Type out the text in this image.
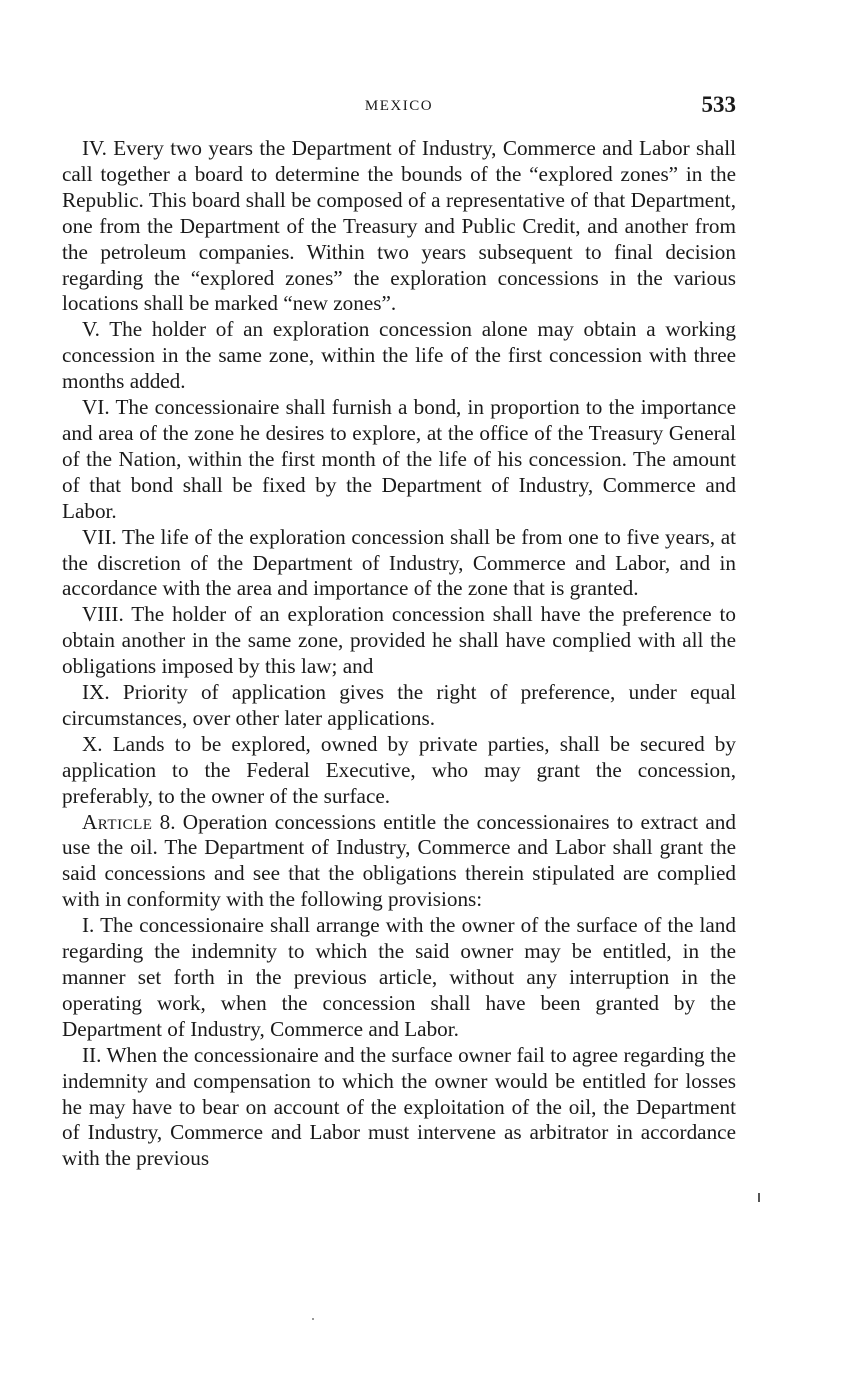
MEXICO	533

IV. Every two years the Department of Industry, Commerce and Labor shall call together a board to determine the bounds of the “explored zones” in the Republic. This board shall be composed of a representative of that Department, one from the Department of the Treasury and Public Credit, and another from the petroleum companies. Within two years subsequent to final decision regarding the “explored zones” the exploration concessions in the various locations shall be marked “new zones”.

V. The holder of an exploration concession alone may obtain a working concession in the same zone, within the life of the first concession with three months added.

VI. The concessionaire shall furnish a bond, in proportion to the importance and area of the zone he desires to explore, at the office of the Treasury General of the Nation, within the first month of the life of his concession. The amount of that bond shall be fixed by the Department of Industry, Commerce and Labor.

VII. The life of the exploration concession shall be from one to five years, at the discretion of the Department of Industry, Commerce and Labor, and in accordance with the area and importance of the zone that is granted.

VIII. The holder of an exploration concession shall have the preference to obtain another in the same zone, provided he shall have complied with all the obligations imposed by this law; and

IX. Priority of application gives the right of preference, under equal circumstances, over other later applications.

X. Lands to be explored, owned by private parties, shall be secured by application to the Federal Executive, who may grant the concession, preferably, to the owner of the surface.

Article 8. Operation concessions entitle the concessionaires to extract and use the oil. The Department of Industry, Commerce and Labor shall grant the said concessions and see that the obligations therein stipulated are complied with in conformity with the following provisions:

I. The concessionaire shall arrange with the owner of the surface of the land regarding the indemnity to which the said owner may be entitled, in the manner set forth in the previous article, without any interruption in the operating work, when the concession shall have been granted by the Department of Industry, Commerce and Labor.

II. When the concessionaire and the surface owner fail to agree regarding the indemnity and compensation to which the owner would be entitled for losses he may have to bear on account of the exploitation of the oil, the Department of Industry, Commerce and Labor must intervene as arbitrator in accordance with the previous
